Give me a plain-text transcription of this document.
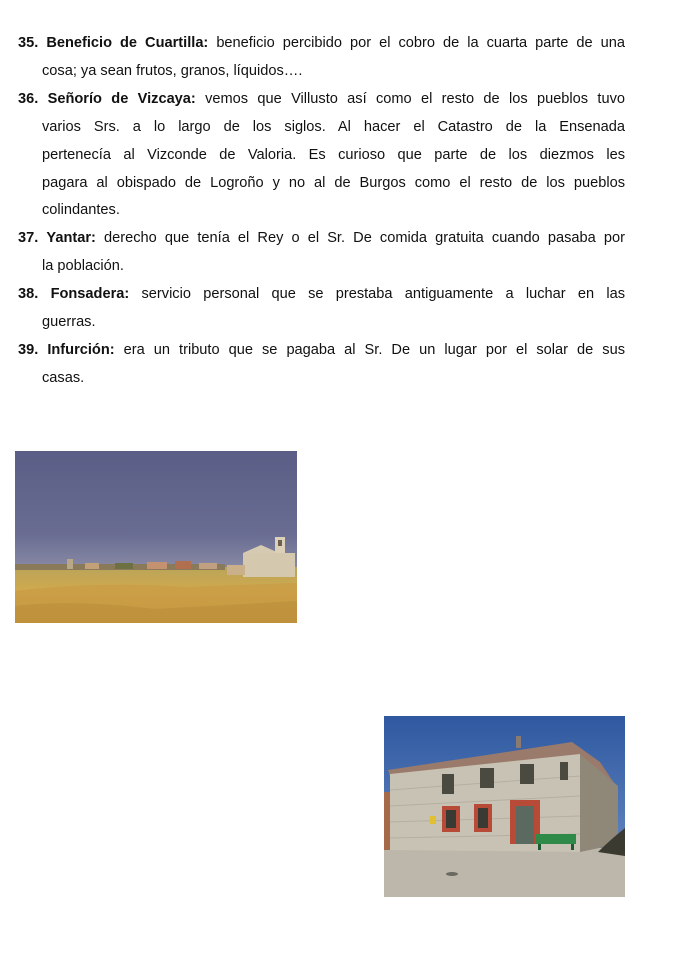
35. Beneficio de Cuartilla: beneficio percibido por el cobro de la cuarta parte de una
cosa; ya sean frutos, granos, líquidos….

36. Señorío de Vizcaya: vemos que Villusto así como el resto de los pueblos tuvo
varios Srs. a lo largo de los siglos. Al hacer el Catastro de la Ensenada
pertenecía al Vizconde de Valoria. Es curioso que parte de los diezmos les
pagara al obispado de Logroño y no al de Burgos como el resto de los pueblos
colindantes.

37. Yantar: derecho que tenía el Rey o el Sr. De comida gratuita cuando pasaba por
la población.

38. Fonsadera: servicio personal que se prestaba antiguamente a luchar en las
guerras.

39. Infurción: era un tributo que se pagaba al Sr. De un lugar por el solar de sus
casas.
